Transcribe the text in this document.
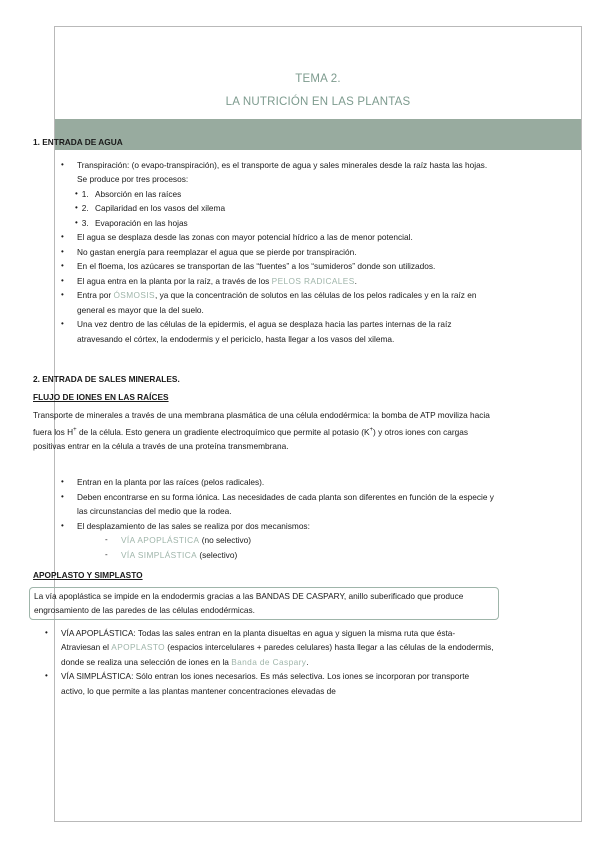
TEMA 2.
LA NUTRICIÓN EN LAS PLANTAS
1. ENTRADA DE AGUA
• Transpiración: (o evapo-transpiración), es el transporte de agua y sales minerales desde la raíz hasta las hojas. Se produce por tres procesos:
• 1. Absorción en las raíces
• 2. Capilaridad en los vasos del xilema
• 3. Evaporación en las hojas
• El agua se desplaza desde las zonas con mayor potencial hídrico a las de menor potencial.
• No gastan energía para reemplazar el agua que se pierde por transpiración.
• En el floema, los azúcares se transportan de las “fuentes” a los “sumideros” donde son utilizados.
• El agua entra en la planta por la raíz, a través de los PELOS RADICALES.
• Entra por ÓSMOSIS, ya que la concentración de solutos en las células de los pelos radicales y en la raíz en general es mayor que la del suelo.
• Una vez dentro de las células de la epidermis, el agua se desplaza hacia las partes internas de la raíz atravesando el córtex, la endodermis y el periciclo, hasta llegar a los vasos del xilema.
2. ENTRADA DE SALES MINERALES.
FLUJO DE IONES EN LAS RAÍCES
Transporte de minerales a través de una membrana plasmática de una célula endodérmica: la bomba de ATP moviliza hacia fuera los H+ de la célula. Esto genera un gradiente electroquímico que permite al potasio (K+) y otros iones con cargas positivas entrar en la célula a través de una proteína transmembrana.
• Entran en la planta por las raíces (pelos radicales).
• Deben encontrarse en su forma iónica. Las necesidades de cada planta son diferentes en función de la especie y las circunstancias del medio que la rodea.
• El desplazamiento de las sales se realiza por dos mecanismos:
- VÍA APOPLÁSTICA (no selectivo)
- VÍA SIMPLÁSTICA (selectivo)
APOPLASTO Y SIMPLASTO
La vía apoplástica se impide en la endodermis gracias a las BANDAS DE CASPARY, anillo suberificado que produce engrosamiento de las paredes de las células endodérmicas.
• VÍA APOPLÁSTICA: Todas las sales entran en la planta disueltas en agua y siguen la misma ruta que ésta- Atraviesan el APOPLASTO (espacios intercelulares + paredes celulares) hasta llegar a las células de la endodermis, donde se realiza una selección de iones en la Banda de Caspary.
• VÍA SIMPLÁSTICA: Sólo entran los iones necesarios. Es más selectiva. Los iones se incorporan por transporte activo, lo que permite a las plantas mantener concentraciones elevadas de
